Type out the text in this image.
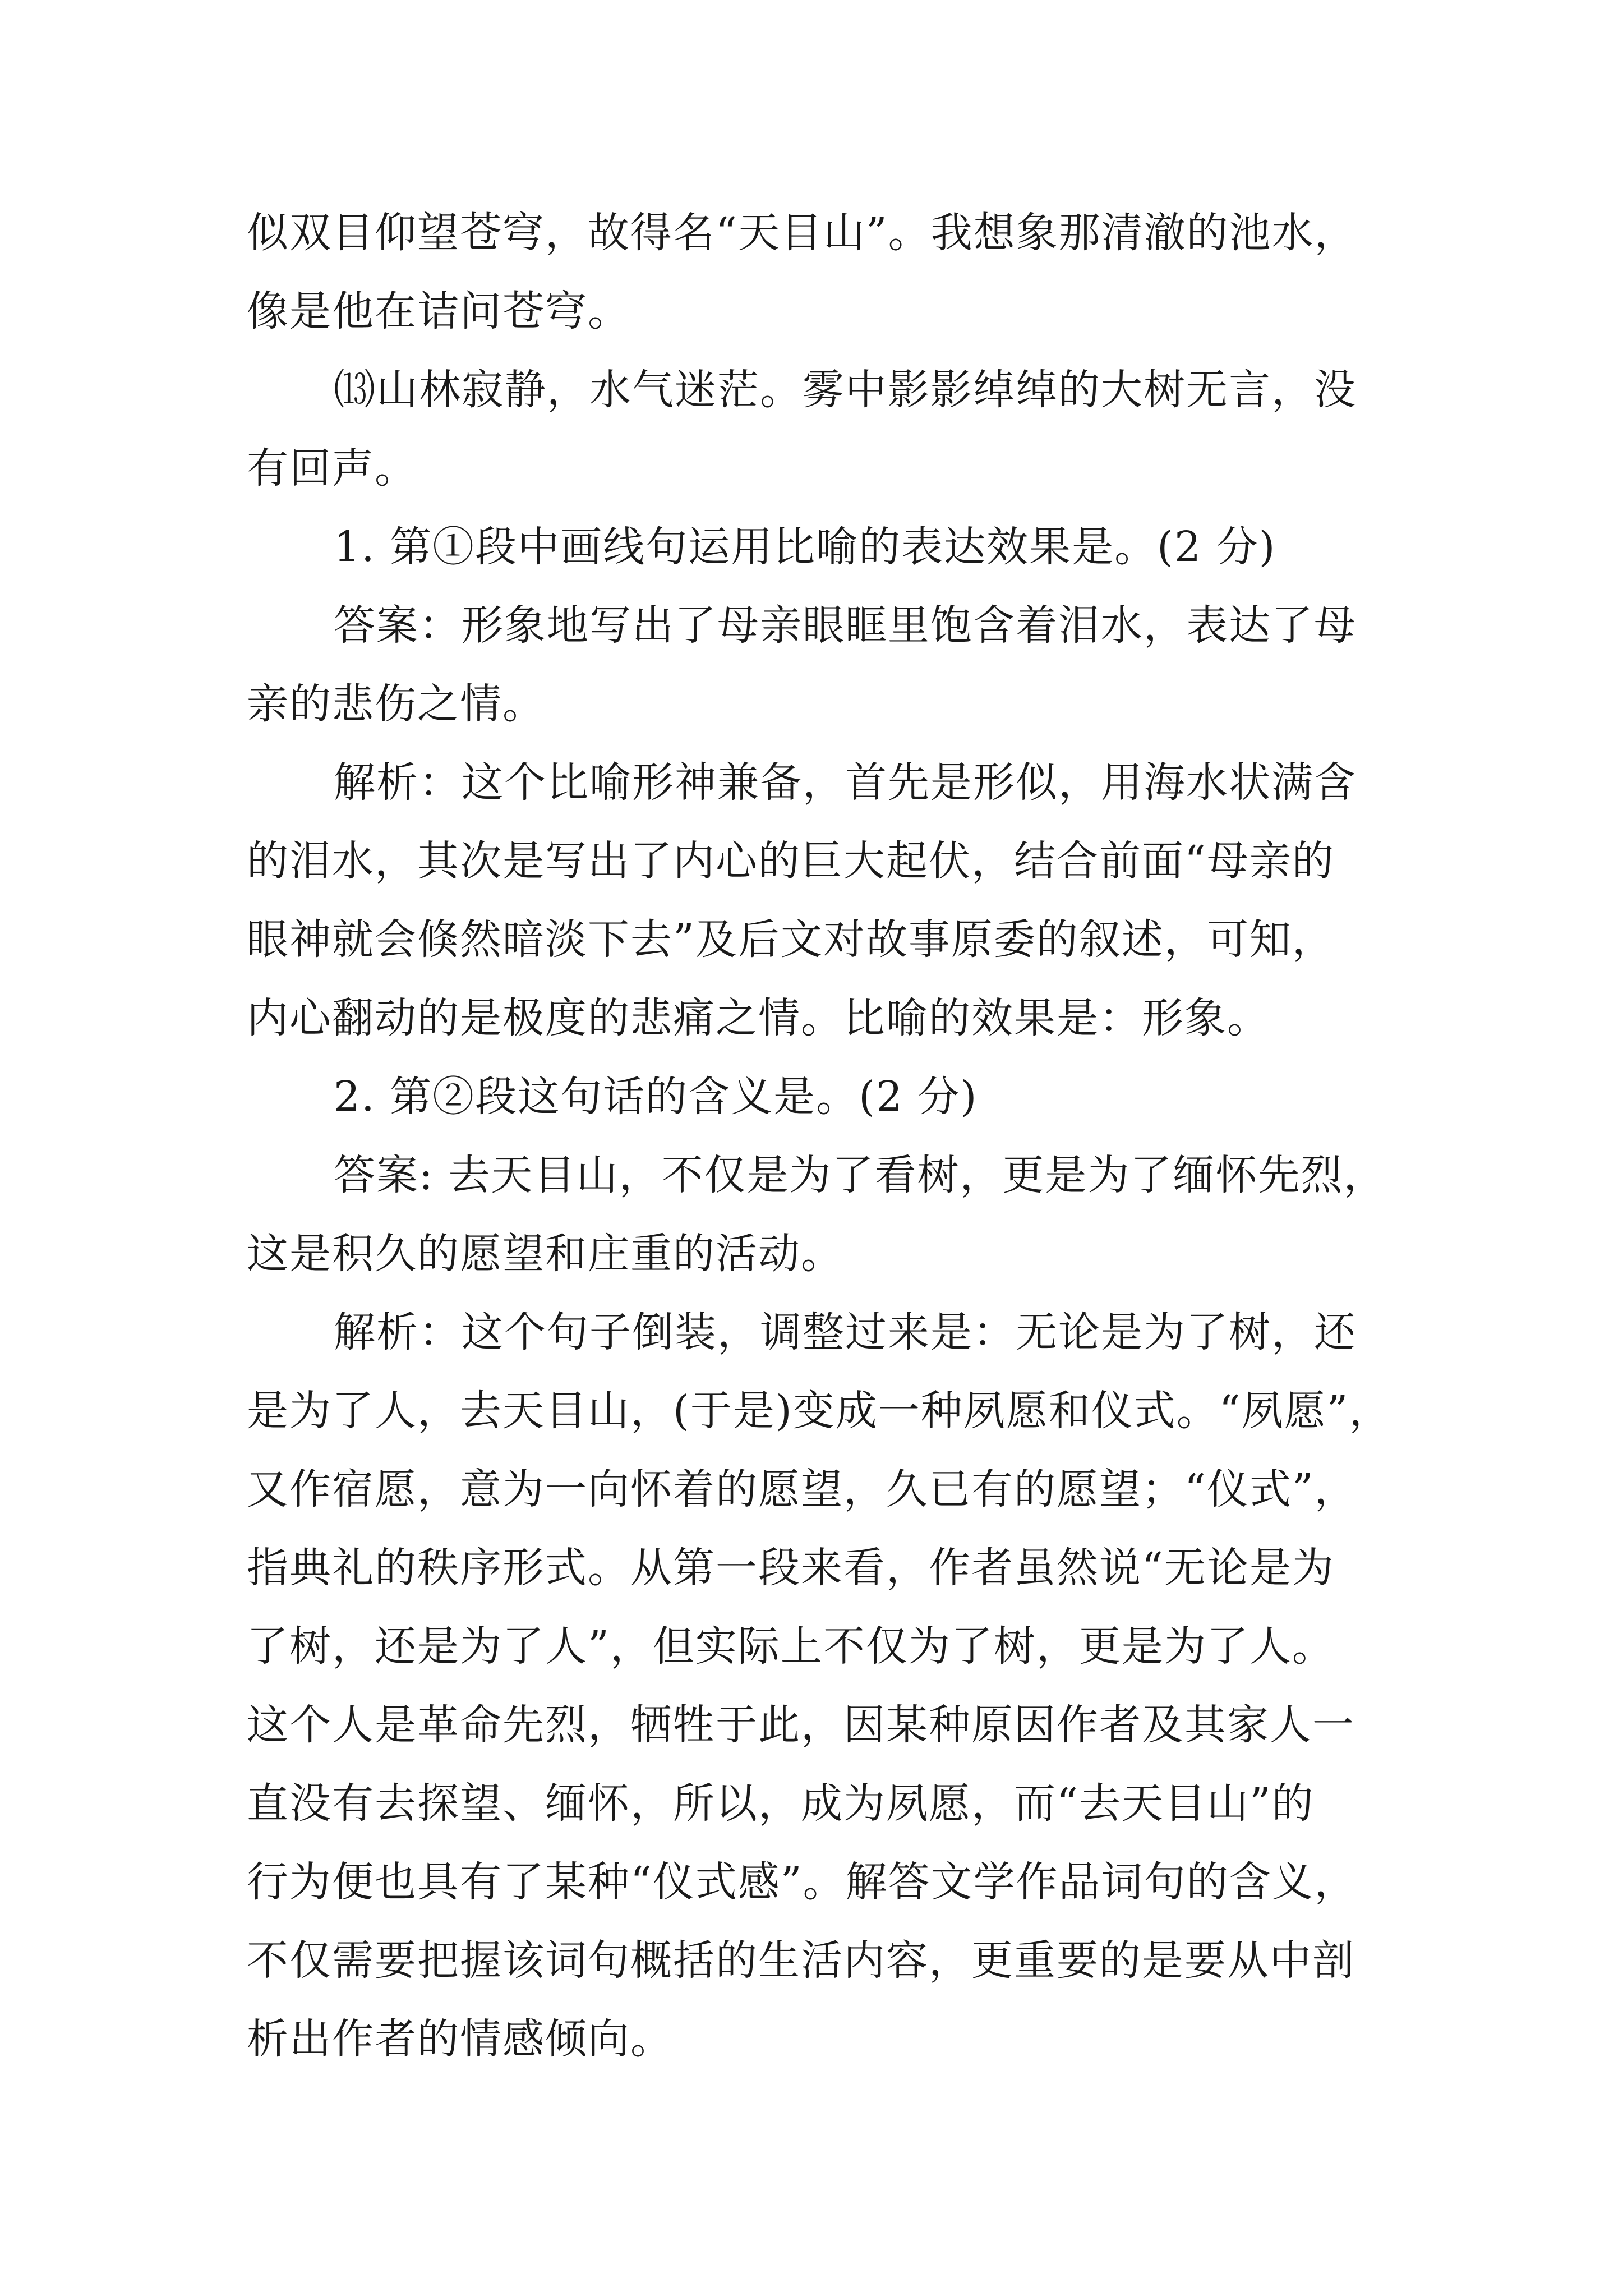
似双目仰望苍穹，故得名“天目山”。我想象那清澈的池水，
像是他在诘问苍穹。
⒀山林寂静，水气迷茫。雾中影影绰绰的大树无言，没
有回声。
1. 第①段中画线句运用比喻的表达效果是。(2 分)
答案：形象地写出了母亲眼眶里饱含着泪水，表达了母
亲的悲伤之情。
解析：这个比喻形神兼备，首先是形似，用海水状满含
的泪水，其次是写出了内心的巨大起伏，结合前面“母亲的
眼神就会倏然暗淡下去”及后文对故事原委的叙述，可知，
内心翻动的是极度的悲痛之情。比喻的效果是：形象。
2. 第②段这句话的含义是。(2 分)
答案: 去天目山，不仅是为了看树，更是为了缅怀先烈，
这是积久的愿望和庄重的活动。
解析：这个句子倒装，调整过来是：无论是为了树，还
是为了人，去天目山，(于是)变成一种夙愿和仪式。“夙愿”，
又作宿愿，意为一向怀着的愿望，久已有的愿望；“仪式”，
指典礼的秩序形式。从第一段来看，作者虽然说“无论是为
了树，还是为了人”，但实际上不仅为了树，更是为了人。
这个人是革命先烈，牺牲于此，因某种原因作者及其家人一
直没有去探望、缅怀，所以，成为夙愿，而“去天目山”的
行为便也具有了某种“仪式感”。解答文学作品词句的含义，
不仅需要把握该词句概括的生活内容，更重要的是要从中剖
析出作者的情感倾向。
